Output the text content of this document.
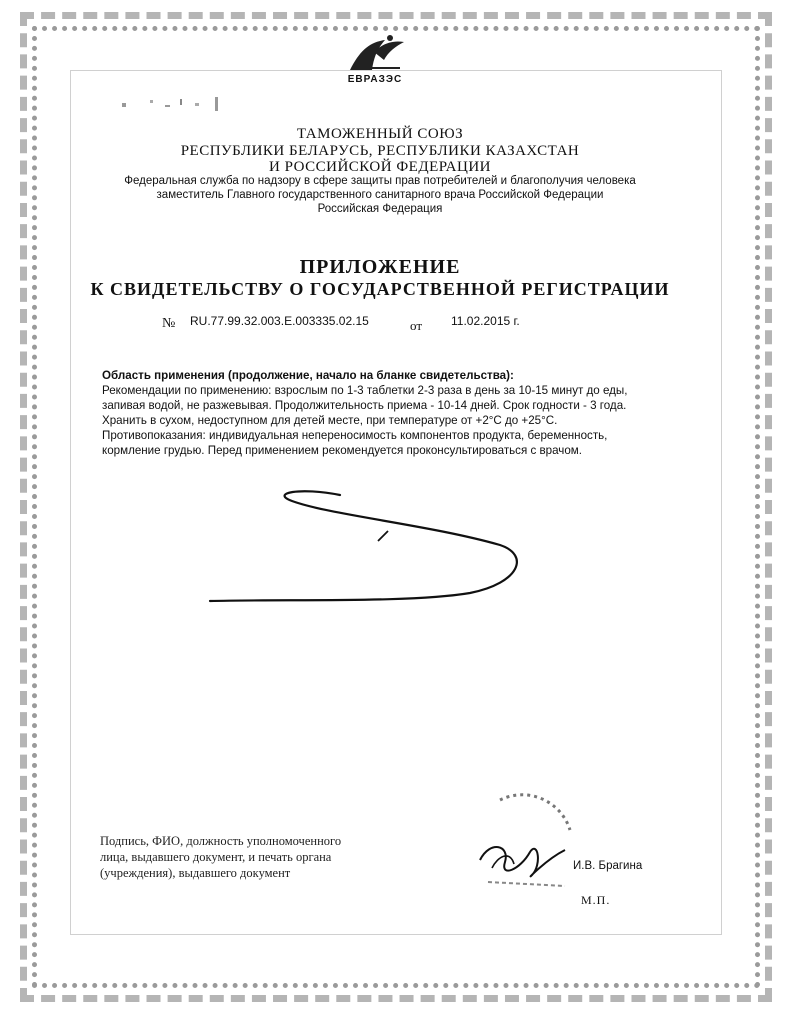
ЕВРАЗЭС
ТАМОЖЕННЫЙ СОЮЗ
РЕСПУБЛИКИ БЕЛАРУСЬ, РЕСПУБЛИКИ КАЗАХСТАН
И РОССИЙСКОЙ ФЕДЕРАЦИИ
Федеральная служба по надзору в сфере защиты прав потребителей и благополучия человека
заместитель Главного государственного санитарного врача Российской Федерации
Российская Федерация
ПРИЛОЖЕНИЕ
К СВИДЕТЕЛЬСТВУ О ГОСУДАРСТВЕННОЙ РЕГИСТРАЦИИ
№ RU.77.99.32.003.E.003335.02.15	от 11.02.2015 г.

Область применения (продолжение, начало на бланке свидетельства):

Рекомендации по применению: взрослым по 1-3 таблетки 2-3 раза в день за 10-15 минут до еды,

запивая водой, не разжевывая. Продолжительность приема - 10-14 дней. Срок годности - 3 года.

Хранить в сухом, недоступном для детей месте, при температуре от +2°С до +25°С.

Противопоказания: индивидуальная непереносимость компонентов продукта, беременность,

кормление грудью. Перед применением рекомендуется проконсультироваться с врачом.

Подпись, ФИО, должность уполномоченного
лица, выдавшего документ, и печать органа
(учреждения), выдавшего документ	И.В. Брагина
М.П.
